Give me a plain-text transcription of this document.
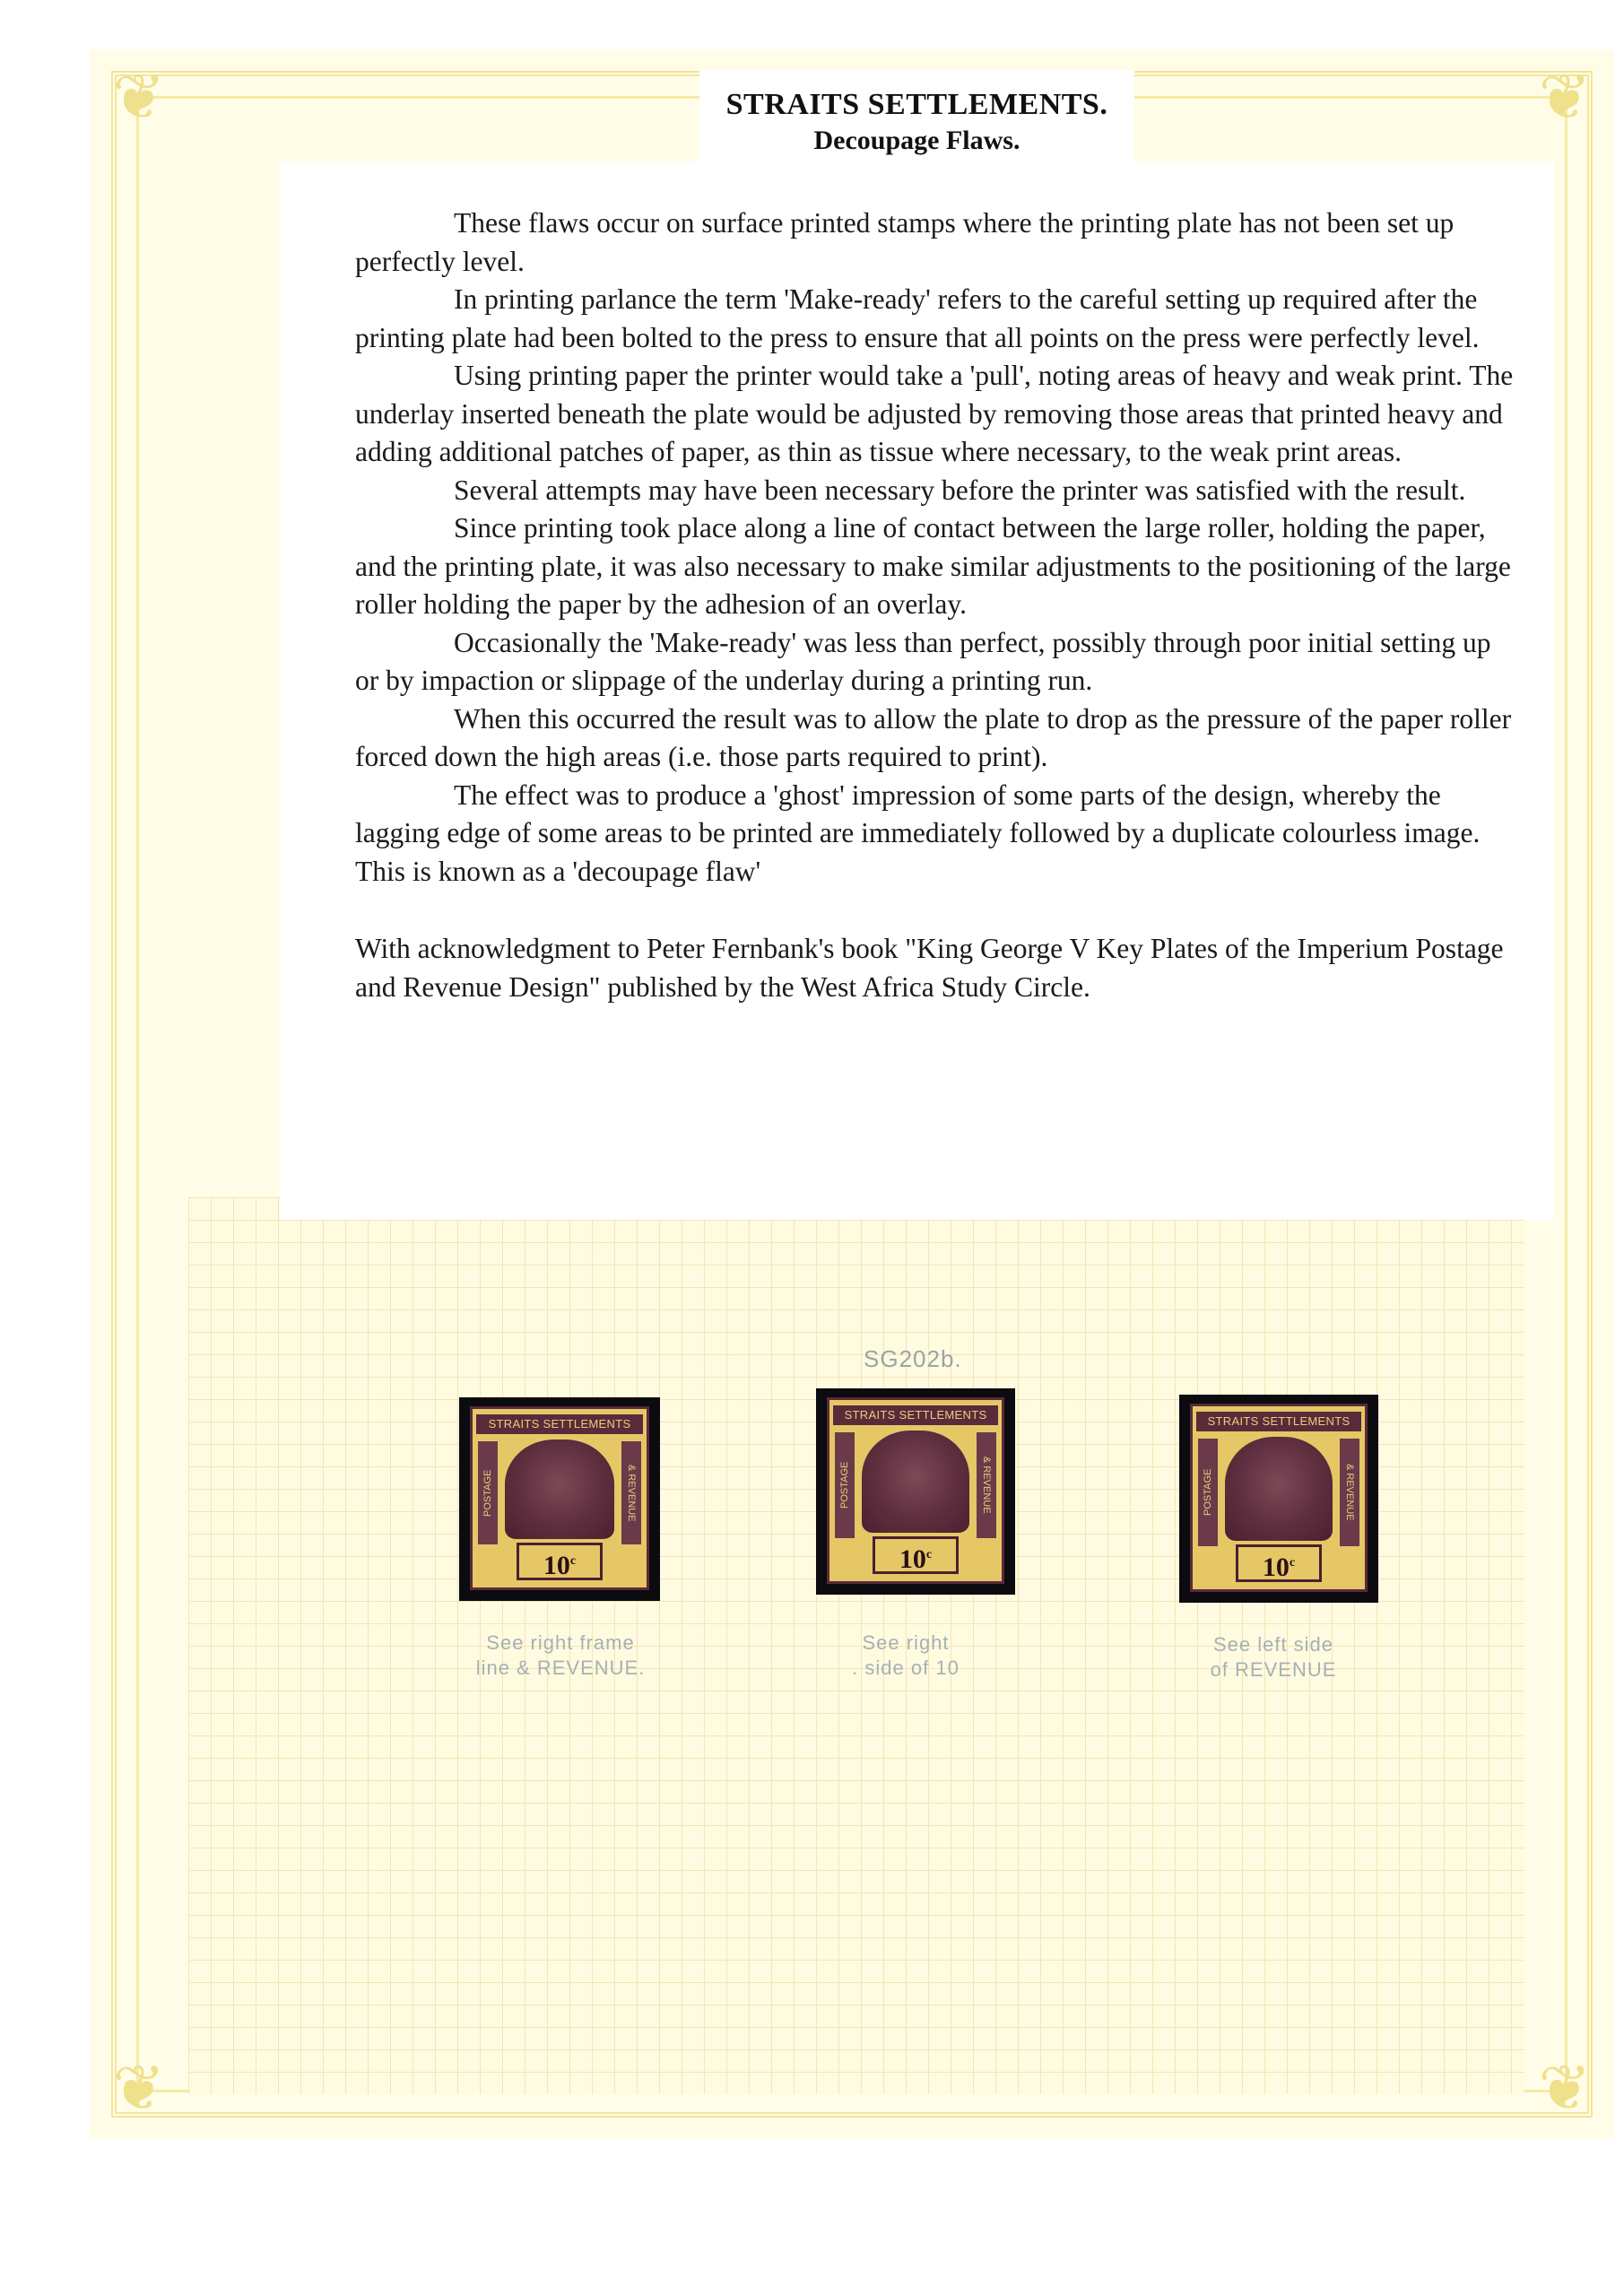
❦	❦
❦	❦

These flaws occur on surface printed stamps where the printing plate has not been set up perfectly level.

In printing parlance the term 'Make-ready' refers to the careful setting up required after the printing plate had been bolted to the press to ensure that all points on the press were perfectly level.

Using printing paper the printer would take a 'pull', noting areas of heavy and weak print. The underlay inserted beneath the plate would be adjusted by removing those areas that printed heavy and adding additional patches of paper, as thin as tissue where necessary, to the weak print areas.

Several attempts may have been necessary before the printer was satisfied with the result.

Since printing took place along a line of contact between the large roller, holding the paper, and the printing plate, it was also necessary to make similar adjustments to the positioning of the large roller holding the paper by the adhesion of an overlay.

Occasionally the 'Make-ready' was less than perfect, possibly through poor initial setting up or by impaction or slippage of the underlay during a printing run.

When this occurred the result was to allow the plate to drop as the pressure of the paper roller forced down the high areas (i.e. those parts required to print).

The effect was to produce a 'ghost' impression of some parts of the design, whereby the lagging edge of some areas to be printed are immediately followed by a duplicate colourless image. This is known as a 'decoupage flaw'

With acknowledgment to Peter Fernbank's book "King George V Key Plates of the Imperium Postage and Revenue Design" published by the West Africa Study Circle.

STRAITS SETTLEMENTS.
Decoupage Flaws.
SG202b.
STRAITS SETTLEMENTS
POSTAGE	& REVENUE
10$^c$
See right frame
line & REVENUE.
STRAITS SETTLEMENTS
POSTAGE	& REVENUE
10$^c$
See right
. side of 10
STRAITS SETTLEMENTS
POSTAGE	& REVENUE
10$^c$
See left side
of REVENUE
